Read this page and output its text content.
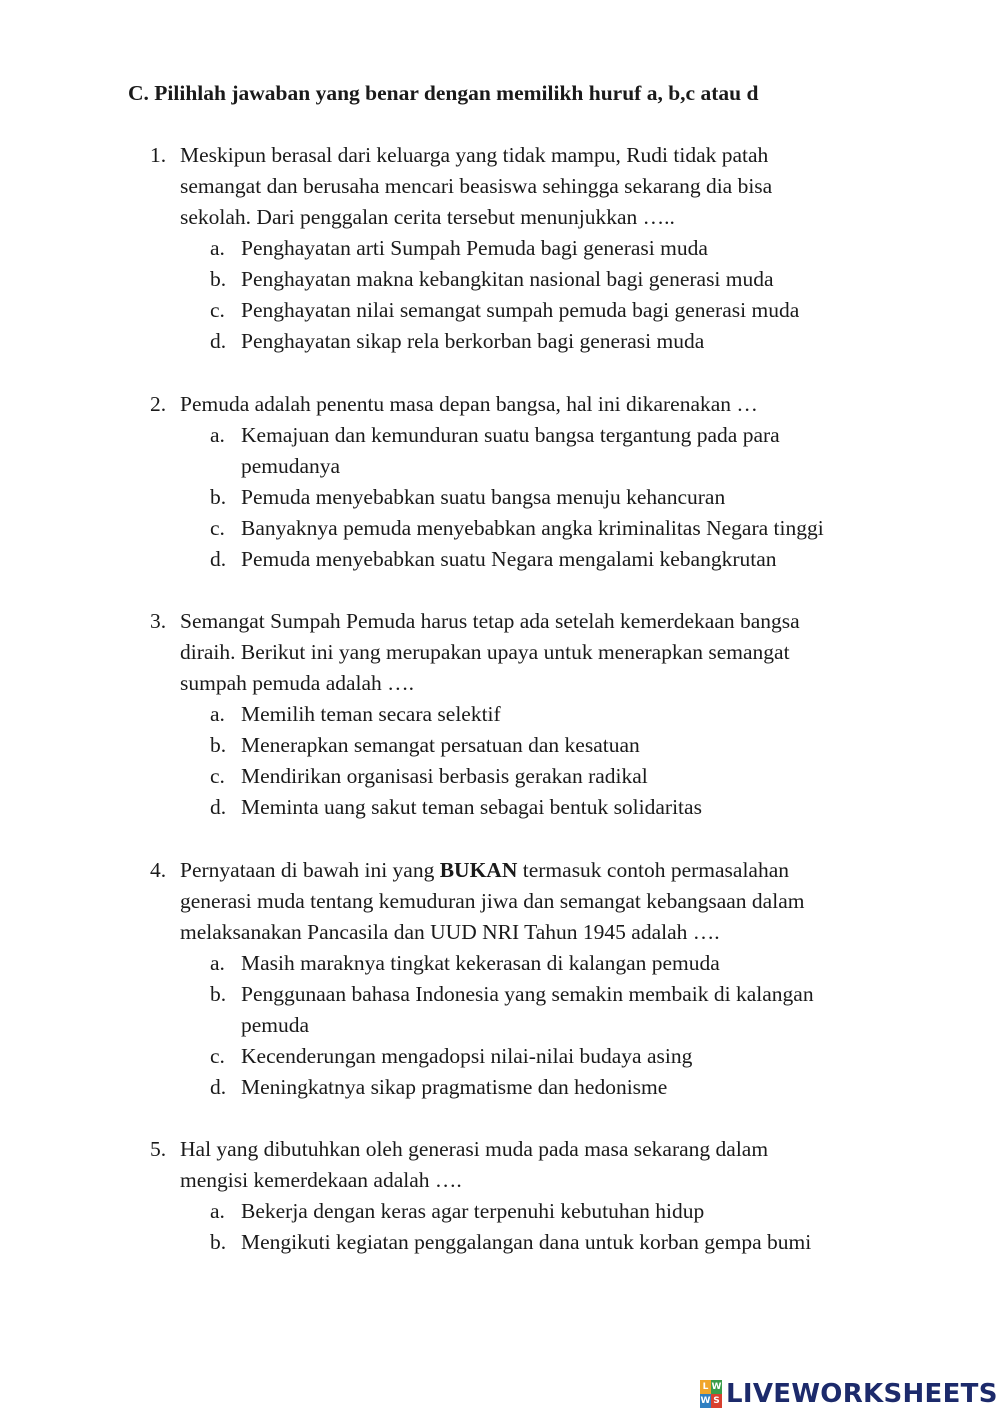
C. Pilihlah jawaban yang benar dengan memilikh huruf a, b,c atau d
1. Meskipun berasal dari keluarga yang tidak mampu, Rudi tidak patah
semangat dan berusaha mencari beasiswa sehingga sekarang dia bisa
sekolah. Dari penggalan cerita tersebut menunjukkan …..
a. Penghayatan arti Sumpah Pemuda bagi generasi muda
b. Penghayatan makna kebangkitan nasional bagi generasi muda
c. Penghayatan nilai semangat sumpah pemuda bagi generasi muda
d. Penghayatan sikap rela berkorban bagi generasi muda
2. Pemuda adalah penentu masa depan bangsa, hal ini dikarenakan …
a. Kemajuan dan kemunduran suatu bangsa tergantung pada para
pemudanya
b. Pemuda menyebabkan suatu bangsa menuju kehancuran
c. Banyaknya pemuda menyebabkan angka kriminalitas Negara tinggi
d. Pemuda menyebabkan suatu Negara mengalami kebangkrutan
3. Semangat Sumpah Pemuda harus tetap ada setelah kemerdekaan bangsa
diraih. Berikut ini yang merupakan upaya untuk menerapkan semangat
sumpah pemuda adalah ….
a. Memilih teman secara selektif
b. Menerapkan semangat persatuan dan kesatuan
c. Mendirikan organisasi berbasis gerakan radikal
d. Meminta uang sakut teman sebagai bentuk solidaritas
4. Pernyataan di bawah ini yang BUKAN termasuk contoh permasalahan
generasi muda tentang kemuduran jiwa dan semangat kebangsaan dalam
melaksanakan Pancasila dan UUD NRI Tahun 1945 adalah ….
a. Masih maraknya tingkat kekerasan di kalangan pemuda
b. Penggunaan bahasa Indonesia yang semakin membaik di kalangan
pemuda
c. Kecenderungan mengadopsi nilai-nilai budaya asing
d. Meningkatnya sikap pragmatisme dan hedonisme
5. Hal yang dibutuhkan oleh generasi muda pada masa sekarang dalam
mengisi kemerdekaan adalah ….
a. Bekerja dengan keras agar terpenuhi kebutuhan hidup
b. Mengikuti kegiatan penggalangan dana untuk korban gempa bumi
L W
W S LIVEWORKSHEETS
